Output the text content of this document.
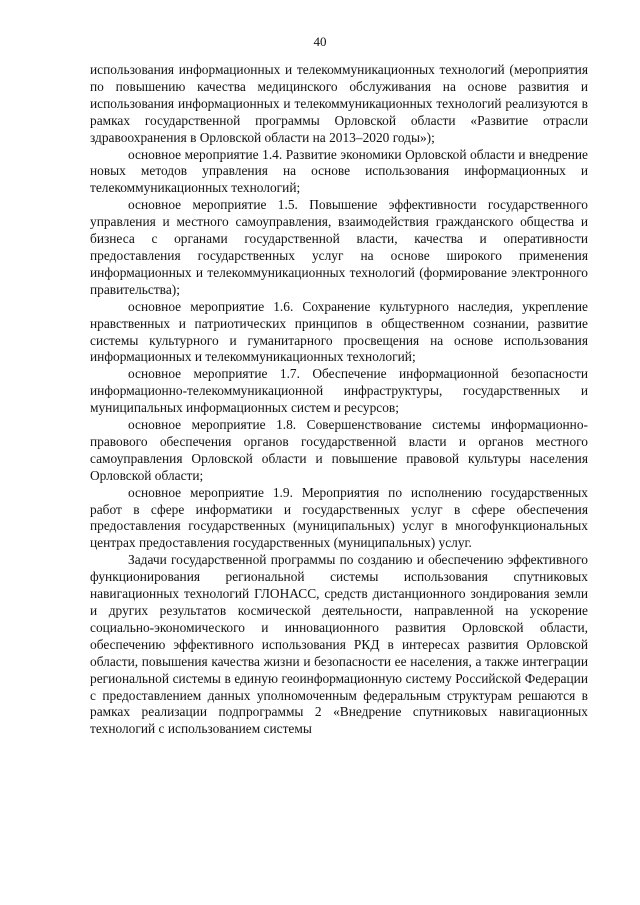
40

использования информационных и телекоммуникационных технологий (мероприятия по повышению качества медицинского обслуживания на основе развития и использования информационных и телекоммуникационных технологий реализуются в рамках государственной программы Орловской области «Развитие отрасли здравоохранения в Орловской области на 2013–2020 годы»);

основное мероприятие 1.4. Развитие экономики Орловской области и внедрение новых методов управления на основе использования информационных и телекоммуникационных технологий;

основное мероприятие 1.5. Повышение эффективности государственного управления и местного самоуправления, взаимодействия гражданского общества и бизнеса с органами государственной власти, качества и оперативности предоставления государственных услуг на основе широкого применения информационных и телекоммуникационных технологий (формирование электронного правительства);

основное мероприятие 1.6. Сохранение культурного наследия, укрепление нравственных и патриотических принципов в общественном сознании, развитие системы культурного и гуманитарного просвещения на основе использования информационных и телекоммуникационных технологий;

основное мероприятие 1.7. Обеспечение информационной безопасности информационно-телекоммуникационной инфраструктуры, государственных и муниципальных информационных систем и ресурсов;

основное мероприятие 1.8. Совершенствование системы информационно-правового обеспечения органов государственной власти и органов местного самоуправления Орловской области и повышение правовой культуры населения Орловской области;

основное мероприятие 1.9. Мероприятия по исполнению государственных работ в сфере информатики и государственных услуг в сфере обеспечения предоставления государственных (муниципальных) услуг в многофункциональных центрах предоставления государственных (муниципальных) услуг.

Задачи государственной программы по созданию и обеспечению эффективного функционирования региональной системы использования спутниковых навигационных технологий ГЛОНАСС, средств дистанционного зондирования земли и других результатов космической деятельности, направленной на ускорение социально-экономического и инновационного развития Орловской области, обеспечению эффективного использования РКД в интересах развития Орловской области, повышения качества жизни и безопасности ее населения, а также интеграции региональной системы в единую геоинформационную систему Российской Федерации с предоставлением данных уполномоченным федеральным структурам решаются в рамках реализации подпрограммы 2 «Внедрение спутниковых навигационных технологий с использованием системы
